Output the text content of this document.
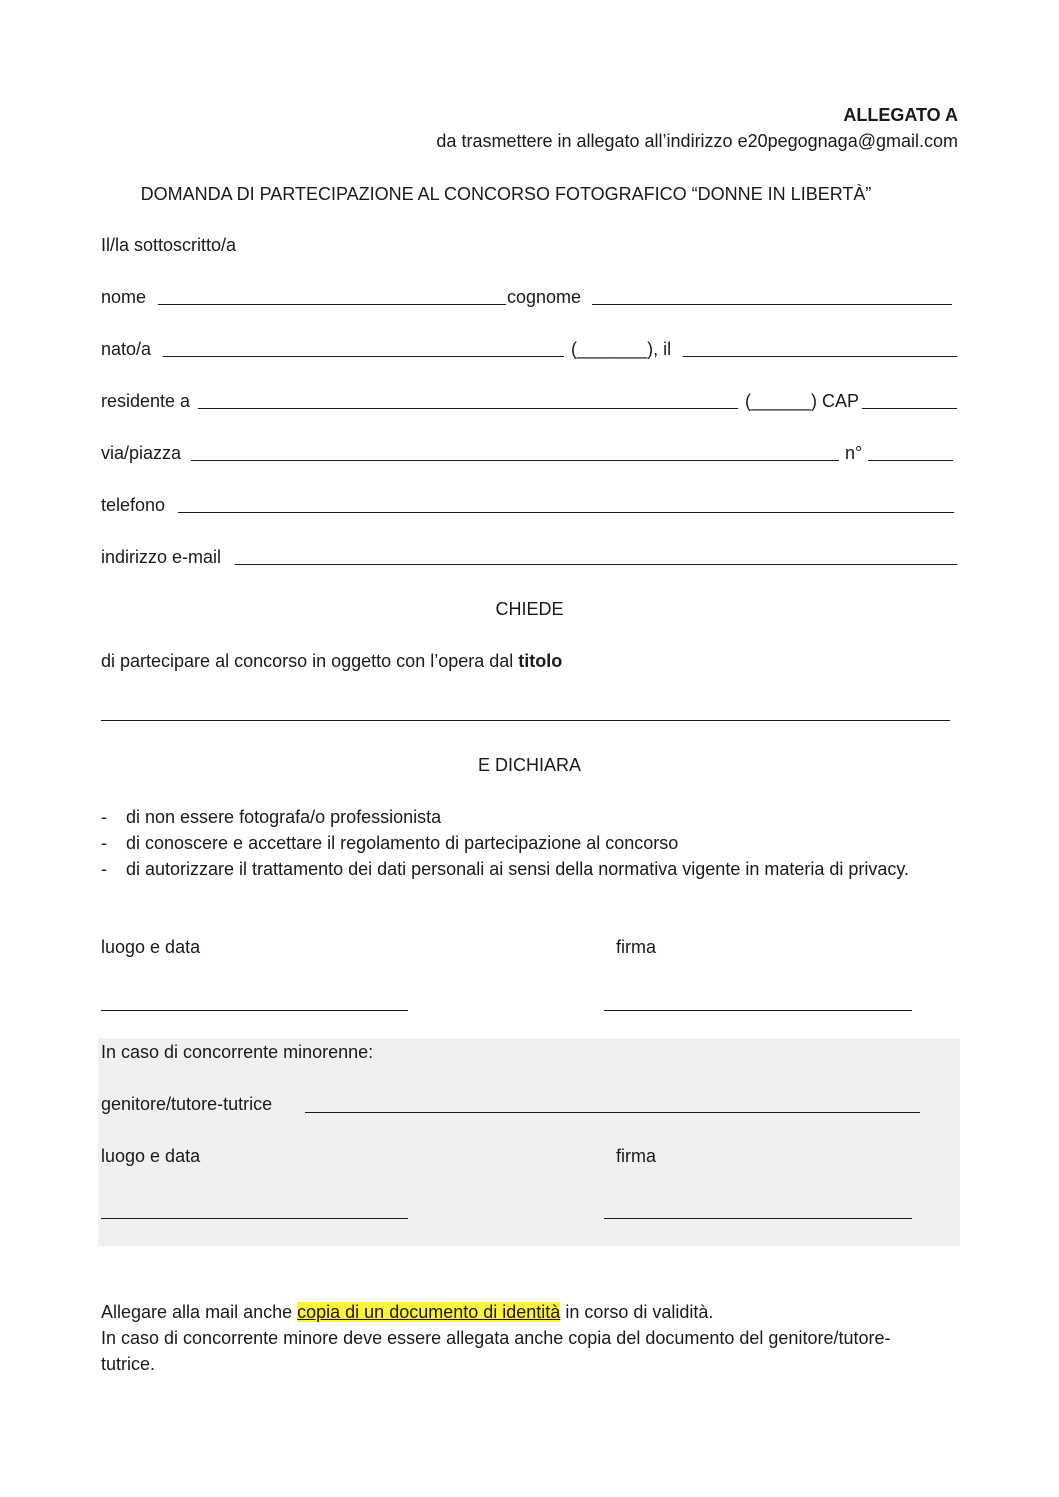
ALLEGATO A
da trasmettere in allegato all’indirizzo e20pegognaga@gmail.com
DOMANDA DI PARTECIPAZIONE AL CONCORSO FOTOGRAFICO “DONNE IN LIBERTÀ”
Il/la sottoscritto/a
nome	cognome
nato/a	(_______), il
residente a	(______) CAP
via/piazza	n°
telefono
indirizzo e-mail
CHIEDE
di partecipare al concorso in oggetto con l’opera dal titolo
E DICHIARA
- di non essere fotografa/o professionista
- di conoscere e accettare il regolamento di partecipazione al concorso
- di autorizzare il trattamento dei dati personali ai sensi della normativa vigente in materia di privacy.
luogo e data	firma
In caso di concorrente minorenne:
genitore/tutore-tutrice
luogo e data	firma
Allegare alla mail anche copia di un documento di identità in corso di validità.
In caso di concorrente minore deve essere allegata anche copia del documento del genitore/tutore-
tutrice.
